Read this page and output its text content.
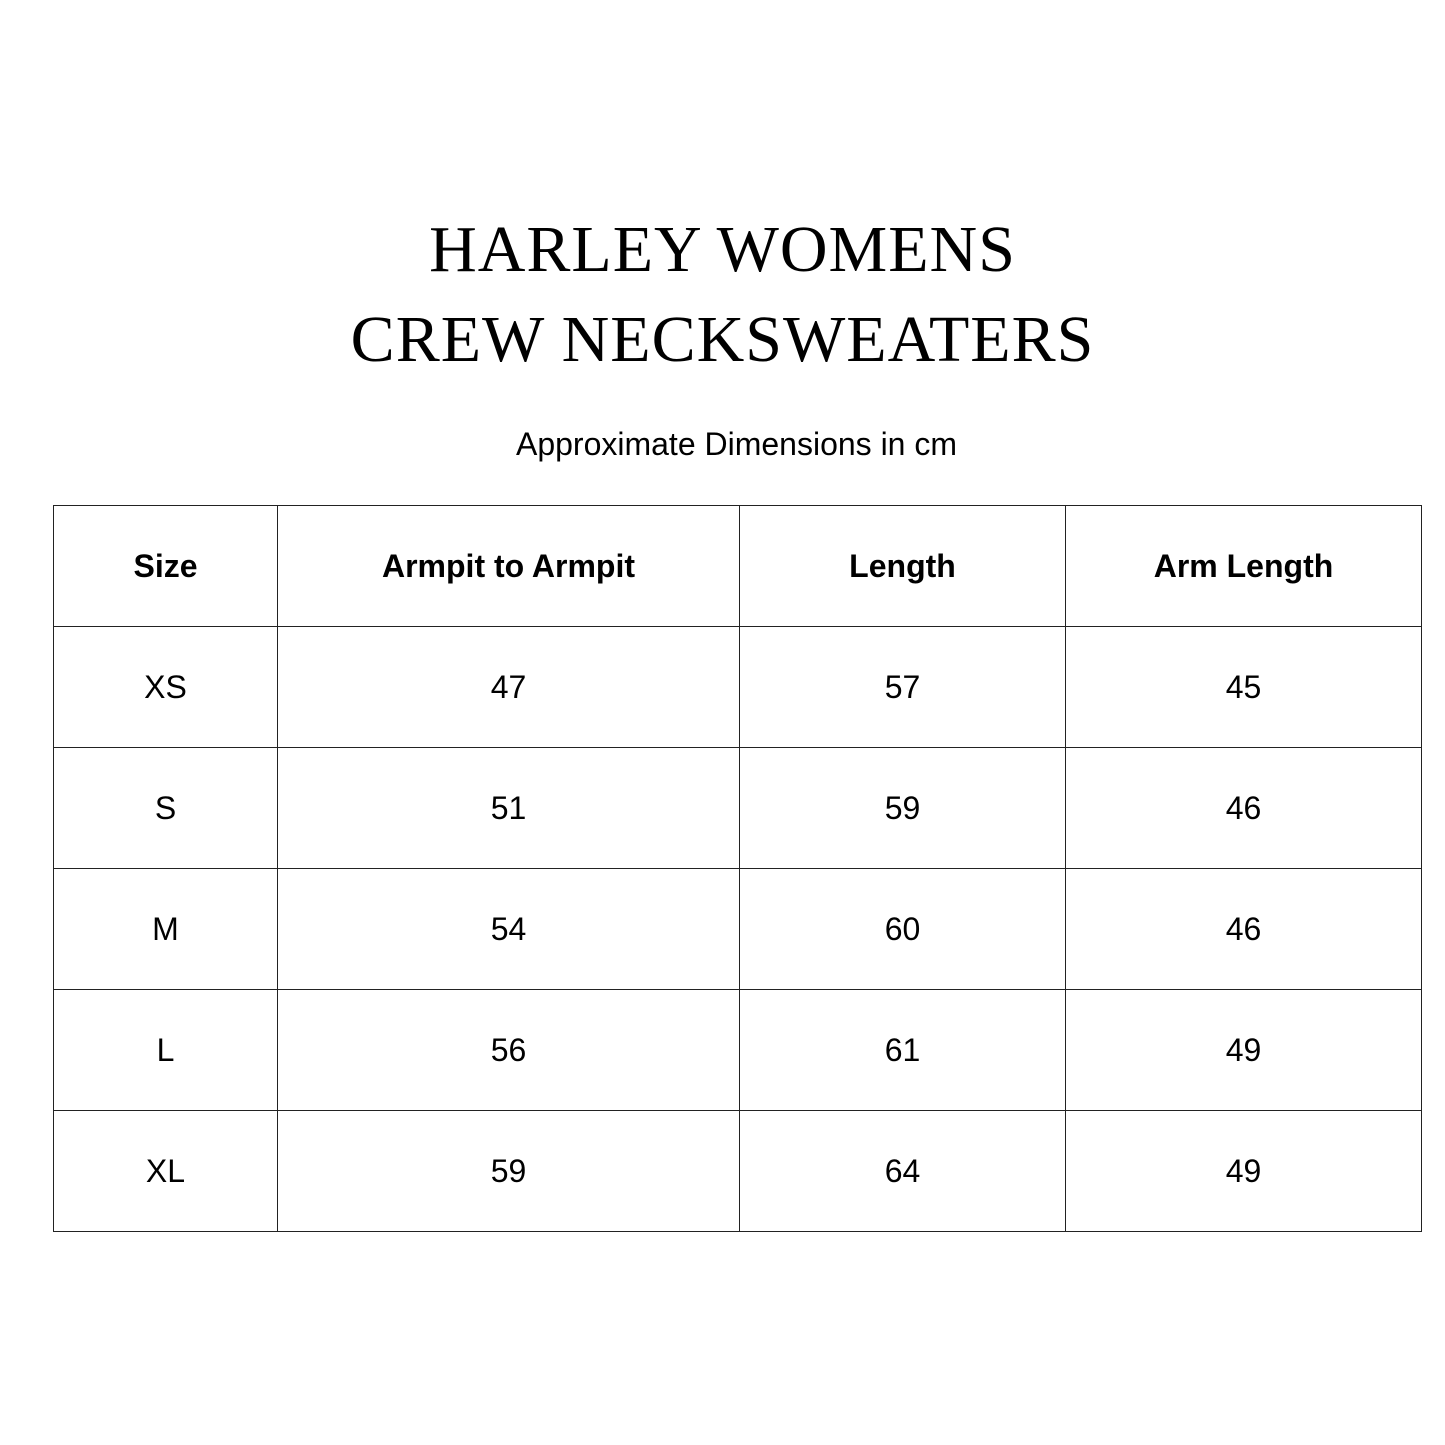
HARLEY WOMENS
CREW NECKSWEATERS
Approximate Dimensions in cm
Size	Armpit to Armpit	Length	Arm Length
XS	47	57	45
S	51	59	46
M	54	60	46
L	56	61	49
XL	59	64	49
